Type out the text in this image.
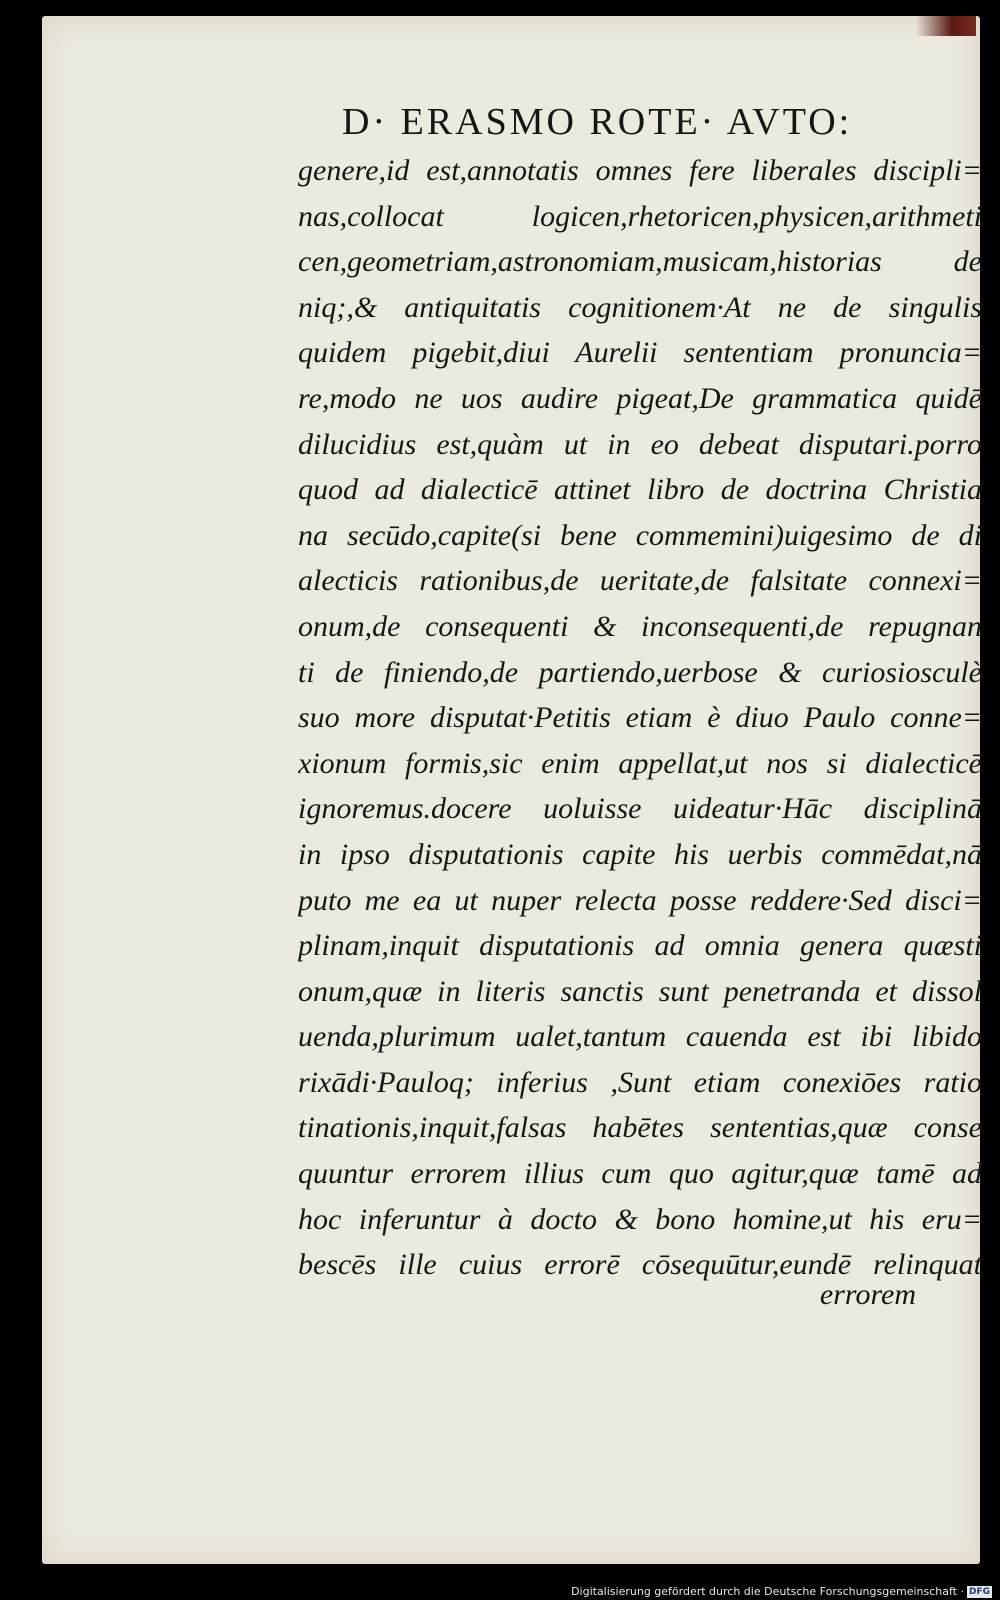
D· ERASMO ROTE· AVTO:
genere,id est,annotatis omnes fere liberales discipli=
nas,collocat logicen,rhetoricen,physicen,arithmeti
cen,geometriam,astronomiam,musicam,historias de
niq;,& antiquitatis cognitionem·At ne de singulis
quidem pigebit,diui Aurelii sententiam pronuncia=
re,modo ne uos audire pigeat,De grammatica quidē
dilucidius est,quàm ut in eo debeat disputari.porro
quod ad dialecticē attinet libro de doctrina Christia
na secūdo,capite(si bene commemini)uigesimo de di
alecticis rationibus,de ueritate,de falsitate connexi=
onum,de consequenti & inconsequenti,de repugnan
ti de finiendo,de partiendo,uerbose & curiosiosculè
suo more disputat·Petitis etiam è diuo Paulo conne=
xionum formis,sic enim appellat,ut nos si dialecticē
ignoremus.docere uoluisse uideatur·Hāc disciplinā
in ipso disputationis capite his uerbis commēdat,nā
puto me ea ut nuper relecta posse reddere·Sed disci=
plinam,inquit disputationis ad omnia genera quæsti
onum,quæ in literis sanctis sunt penetranda et dissol
uenda,plurimum ualet,tantum cauenda est ibi libido
rixādi·Pauloq; inferius ,Sunt etiam conexiōes ratio
tinationis,inquit,falsas habētes sententias,quæ conse
quuntur errorem illius cum quo agitur,quæ tamē ad
hoc inferuntur à docto & bono homine,ut his eru=
bescēs ille cuius errorē cōsequūtur,eundē relinquat
errorem
Digitalisierung gefördert durch die Deutsche Forschungsgemeinschaft · DFG
